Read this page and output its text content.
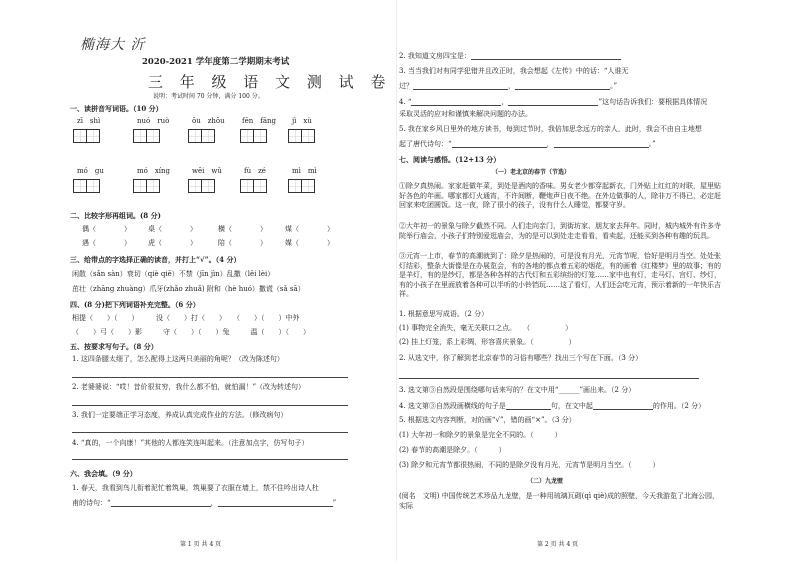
椭海大 沂
2020-2021 学年度第二学期期末考试
三 年 级 语 文 测 试 卷
说明：考试时间 70 分钟，满分 100 分。
一、读拼音写词语。（10 分）
zī　shì	nuó　ruò	ōu　zhōu fēn　fāng jì　xù
mó　gu	mó　xíng	wēi　wǔ	fù　zé	mì　mì
二、比较字形再组词。(8 分)
偶（　　　　） 桌（　　　　）	横（　　　　）	煤（　　　　）
遇（　　　　） 虎（　　　　）	陪（　　　　）	媒（　　　　）
三、给带点的字选择正确的读音，并打上“√”。（4 分）
闲散（sǎn sàn）衰切（qiè qiē）不禁（jīn jìn）乱撒（lěi lèi）
茁壮（zhāng zhuàng）爪牙(zhǎo zhuǎ) 附和（hè huó）撒谎（sǎ sā）
四、(8 分)把下列词语补充完整。（6 分）
相提（　　）（　　）　　　没（　　）打（　　）　　（　　）（　　）中外
（　　）弓（　　）影　　　守（　　）（　　）兔　　　温（　　）（　　）
五、按要求写句子。（8 分）
1. 这四条腿太细了，怎么配得上这两只美丽的角呢？（改为陈述句）
2. 老婆婆说：“哎！昔价很贫穷，我什么都不怕，就怕漏！”（改为转述句）
3. 我们一定要端正学习态度，养成认真完成作业的方法。（修改病句）
4. “真的，一个向康！”其他的人都连笑连叫起来。（注意加点字，仿写句子）
六、我会填。（9 分）
1. 春天，我看到鸟儿衔着泥忙着筑巢，筑巢要了衣服在墙上，禁不住吟出诗人杜
甫的诗句：“	，	”
第 1 页 共 4 页
2. 我知道文房四宝是：
3. 当当我们对有同学犯错并且改正时，我会想起《左传》中的话：“人谁无
过？	，	。”
4. “	，	”这句话告诉我们：要根据具体情况
采取灵活的应对和谨慎来解决问题的办法。
5. 我在家乡风日里外的地方读书，每到过节时，我倍加思念远方的亲人，此时，我会不由自主地想
起了唐代诗句：“	，	。”
七、阅读与感悟。（12+13 分）
（一）老北京的春节（节选）
①除夕真热闹。家家赶做年菜，到处是酒肉的香味。男女老少都穿起新衣，门外贴上红红的对联，屋里贴好各色的年画。哪家都灯火通宵，不许间断，鞭炮声日夜不绝。在外边做事的人，除非万不得已，必定赶回家来吃团圆饭。这一夜，除了很小的孩子，没有什么人睡觉，都要守岁。
②大年初一的景象与除夕截然不同。人们走向亲门，到街坊家、朋友家去拜年。同时，城内城外有许多寺院举行庙会，小孩子们特别爱逛庙会，为的是可以到处走走看看，看卖起，还能买到各种有趣的玩具。
③元宵一上市，春节的高潮就到了：除夕是热闹的，可是没有月光，元宵节呢，恰好是明月当空。处处张灯结彩，整条大街像是在办展览会，有的各地的都点着五彩的烟花，有的画着《红楼梦》里的故事；有的是羊灯，有的是纱灯，都是各种各样的古代灯和五彩缤纷的灯笼……家中也有灯，走马灯、宫灯、纱灯，有的小孩子在里面放着各种可以半听的小铃铛玩……这了看灯，人们还会吃元宵，预示着新的一年快乐吉祥。
1. 根据意思写成语。（2 分）
(1) 事物完全消失，毫无关联口之点。　　（　　　　　）
(2) 挂上灯笼，系上彩绸，形容喜庆景象。（　　　　　）
2. 从选文中，你了解到老北京春节的习俗有哪些？找出三个写在下面。（3 分）
3. 选文第③自然段是围绕哪句话来写的？在文中用“______”画出来。（2 分）
4. 选文第③自然段画横线的句子是	句，在文中起	的作用。（2 分）
5. 根据选文内容判断，对的画“√”，错的画“×”。（3 分）
(1) 大年初一和除夕的景象是完全不同的。（　　　）
(2) 春节的高潮是除夕。（　　　）
(3) 除夕和元宵节都很热闹，不同的是除夕没有月光，元宵节是明月当空。（　　　）
（二）九龙壁
(阅名　文明) 中国传统艺术珍品九龙壁，是一种用琉璃瓦砌(qì qiè)成的照壁，今天我游览了北海公园，实际
第 2 页 共 4 页
